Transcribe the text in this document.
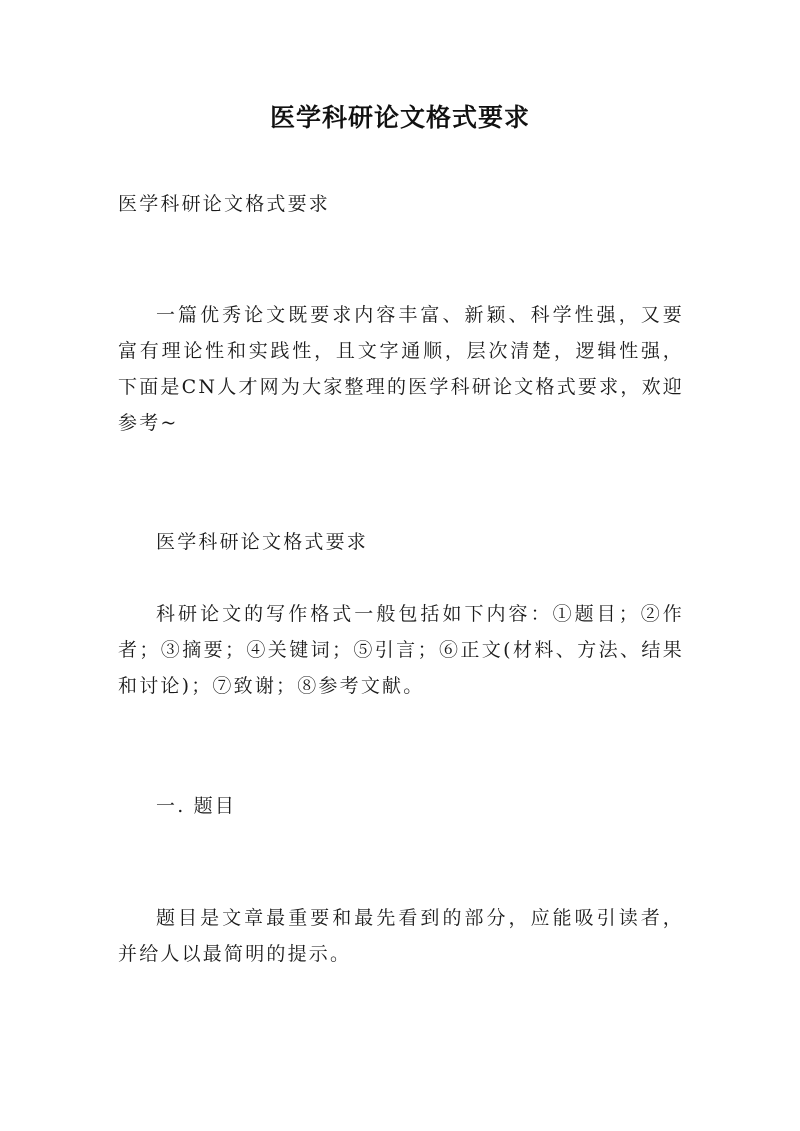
医学科研论文格式要求

医学科研论文格式要求

一篇优秀论文既要求内容丰富、新颖、科学性强，又要富有理论性和实践性，且文字通顺，层次清楚，逻辑性强，下面是CN人才网为大家整理的医学科研论文格式要求，欢迎参考~

医学科研论文格式要求

科研论文的写作格式一般包括如下内容：①题目；②作者；③摘要；④关键词；⑤引言；⑥正文(材料、方法、结果和讨论)；⑦致谢；⑧参考文献。

一. 题目

题目是文章最重要和最先看到的部分，应能吸引读者，并给人以最简明的提示。
